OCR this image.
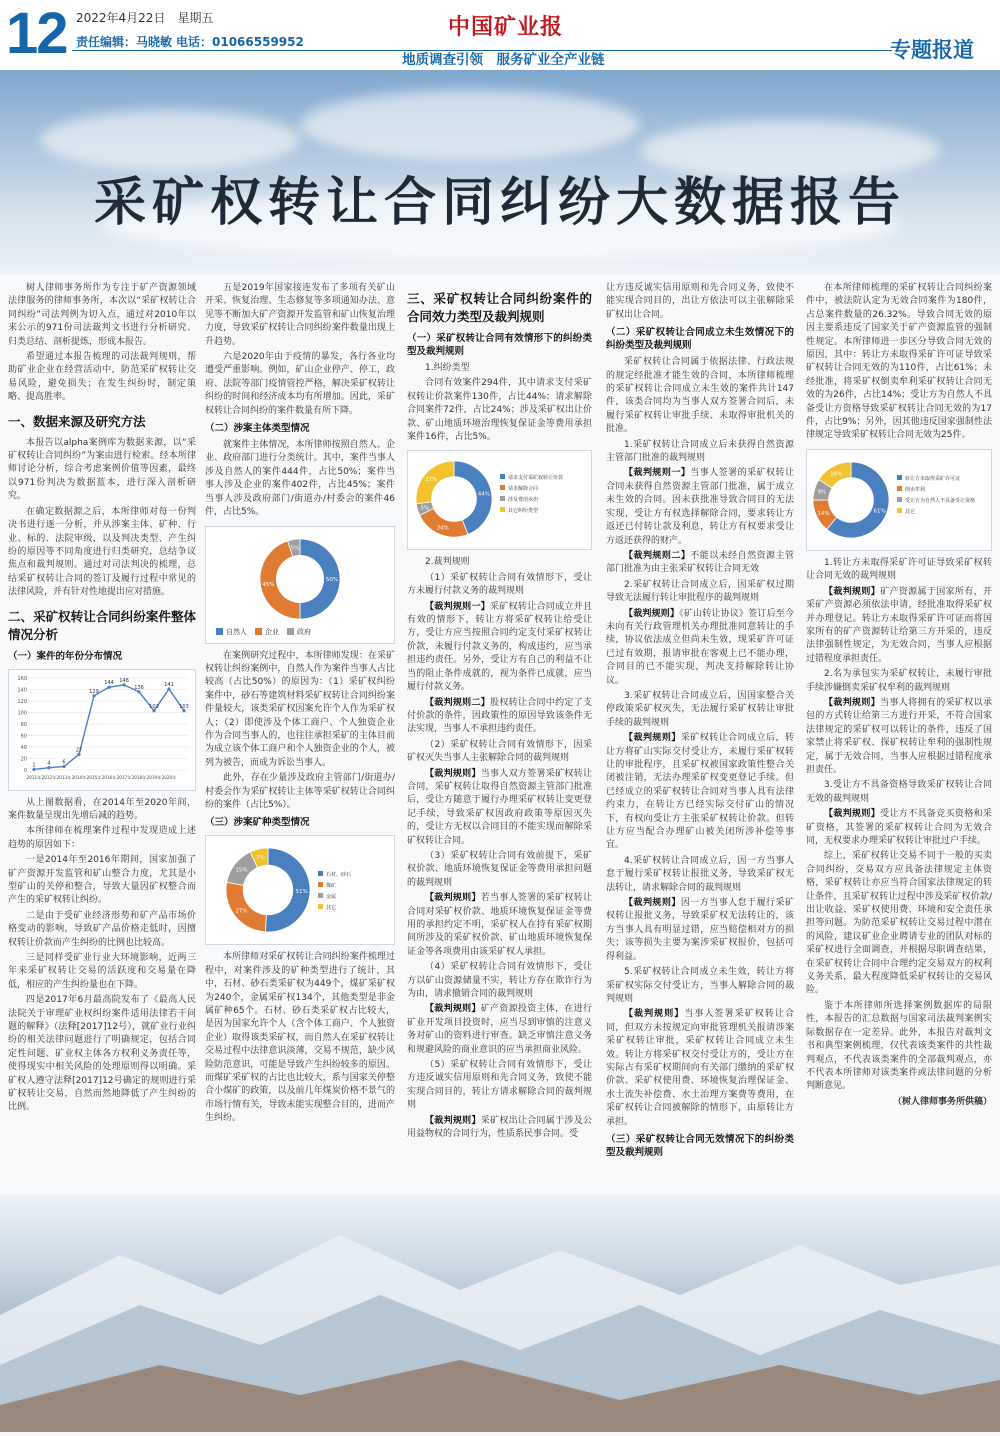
12 2022年4月22日　星期五
责任编辑：马晓敏 电话：01066559952
中国矿业报
地质调查引领　服务矿业全产业链	专题报道
采矿权转让合同纠纷大数据报告

树人律师事务所作为专注于矿产资源领域法律服务的律师事务所，本次以“采矿权转让合同纠纷”司法判例为切入点，通过对2010年以来公示的971份司法裁判文书进行分析研究、归类总结、剖析提炼，形成本报告。

希望通过本报告梳理的司法裁判规则，帮助矿业企业在经营活动中，防范采矿权转让交易风险，避免损失；在发生纠纷时，制定策略、提高胜率。

一、数据来源及研究方法

本报告以alpha案例库为数据来源，以“采矿权转让合同纠纷”为案由进行检索。经本所律师讨论分析，综合考虑案例价值等因素，最终以971份判决为数据蓝本，进行深入剖析研究。

在确定数据源之后，本所律师对每一份判决书进行逐一分析，并从涉案主体、矿种、行业、标的、法院审级，以及判决类型、产生纠纷的原因等不同角度进行归类研究，总结争议焦点和裁判规则。通过对司法判决的梳理，总结采矿权转让合同的签订及履行过程中常见的法律风险，并有针对性地提出应对措施。

二、采矿权转让合同纠纷案件整体情况分析
（一）案件的年份分布情况
0
20
40
60
80
100
120
140
160
1 4 6
27
129
144 148
136
103
141
103
2011年 2012年 2013年 2014年 2015年 2016年 2017年 2018年 2019年 2020年

从上图数据看，在2014年至2020年间，案件数量呈现出先增后减的趋势。

本所律师在梳理案件过程中发现造成上述趋势的原因如下：

一是2014年至2016年期间，国家加强了矿产资源开发监管和矿山整合力度，尤其是小型矿山的关停和整合，导致大量因矿权整合而产生的采矿权转让纠纷。

二是由于受矿业经济形势和矿产品市场价格变动的影响，导致矿产品价格走低时，因擅权转让价款而产生纠纷的比例也比较高。

三是同样受矿业行业大环境影响，近两三年来采矿权转让交易的活跃度和交易量在降低，相应的产生纠纷量也在下降。

四是2017年6月最高院发布了《最高人民法院关于审理矿业权纠纷案件适用法律若干问题的解释》（法释[2017]12号），就矿业行业纠纷的相关法律问题进行了明确规定，包括合同定性问题、矿业权主体各方权利义务责任等，使得现实中相关风险的处理原则得以明确。采矿权人遵守法释[2017]12号确定的规则进行采矿权转让交易，自然而然地降低了产生纠纷的比例。

五是2019年国家接连发布了多项有关矿山开采、恢复治理、生态修复等多项通知办法、意见等不断加大矿产资源开发监管和矿山恢复治理力度，导致采矿权转让合同纠纷案件数量出现上升趋势。

六是2020年由于疫情的暴发，各行各业均遭受严重影响。例如，矿山企业停产、停工，政府、法院等部门疫情管控严格，解决采矿权转让纠纷的时间和经济成本均有所增加。因此，采矿权转让合同纠纷的案件数量有所下降。

（二）涉案主体类型情况

就案件主体情况，本所律师按照自然人、企业、政府部门进行分类统计。其中，案件当事人涉及自然人的案件444件，占比50%；案件当事人涉及企业的案件402件，占比45%；案件当事人涉及政府部门/街道办/村委会的案件46件，占比5%。

50%
45%
5%
自然人	企业	政府

在案例研究过程中，本所律师发现：在采矿权转让纠纷案例中，自然人作为案件当事人占比较高（占比50%）的原因为：（1）采矿权纠纷案件中，砂石等建筑材料采矿权转让合同纠纷案件量较大，该类采矿权因案允许个人作为采矿权人；（2）即使涉及个体工商户、个人独资企业作为合同当事人的，也往往承担采矿的主体目前为成立该个体工商户和个人独资企业的个人，被列为被告，而成为诉讼当事人。

此外，存在少量涉及政府主管部门/街道办/村委会作为采矿权转让主体等采矿权转让合同纠纷的案件（占比5%）。

（三）涉案矿种类型情况
51%
27%
15%
7%
石材、砂石
煤矿
金属
其它

本所律师对采矿权转让合同纠纷案件梳理过程中，对案件涉及的矿种类型进行了统计，其中，石材、砂石类采矿权为449个，煤矿采矿权为240个，金属采矿权134个，其他类型是非金属矿种65个。石材、砂石类采矿权占比较大，是因为国家允许个人（含个体工商户、个人独资企业）取得该类采矿权，而自然人在采矿权转让交易过程中法律意识淡薄，交易不规范，缺少风险防范意识，可能是导致产生纠纷较多的原因。而煤矿采矿权的占比也比较大，系与国家关停整合小煤矿的政策，以及前几年煤炭价格不景气的市场行情有关，导致未能实现整合目的，进而产生纠纷。

三、采矿权转让合同纠纷案件的合同效力类型及裁判规则
（一）采矿权转让合同有效情形下的纠纷类型及裁判规则

1.纠纷类型

合同有效案件294件，其中请求支付采矿权转让价款案件130件，占比44%；请求解除合同案件72件，占比24%；涉及采矿权出让价款、矿山地质环境治理恢复保证金等费用承担案件16件，占比5%。

44%
24%
5%
27%	请求支付采矿权转让价款
请求解除合同
涉及费用承担
其它纠纷类型

2.裁判规则

（1）采矿权转让合同有效情形下，受让方未履行付款义务的裁判规则

【裁判规则一】采矿权转让合同成立并且有效的情形下，转让方将采矿权转让给受让方，受让方应当按照合同约定支付采矿权转让价款，未履行付款义务的，构成违约，应当承担违约责任。另外，受让方有自己的利益不让当的阻止条件成就的，视为条件已成就，应当履行付款义务。

【裁判规则二】股权转让合同中约定了支付价款的条件，因政策性的原因导致该条件无法实现，当事人不承担违约责任。

（2）采矿权转让合同有效情形下，因采矿权灭失当事人主张解除合同的裁判规则

【裁判规则】当事人双方签署采矿权转让合同，采矿权转让取得自然资源主管部门批准后，受让方随意于履行办理采矿权转让变更登记手续，导致采矿权因政府政策等原因灭失的，受让方无权以合同目的不能实现而解除采矿权转让合同。

（3）采矿权转让合同有效前提下，采矿权价款、地质环境恢复保证金等费用承担问题的裁判规则

【裁判规则】若当事人签署的采矿权转让合同对采矿权价款、地质环境恢复保证金等费用的承担约定不明，采矿权人在持有采矿权期间所涉及的采矿权价款、矿山地质环境恢复保证金等各项费用由该采矿权人承担。

（4）采矿权转让合同有效情形下，受让方以矿山资源储量不实，转让方存在欺诈行为为由，请求撤销合同的裁判规则

【裁判规则】矿产资源投资主体，在进行矿业开发项目投资时，应当尽到审慎的注意义务对矿山的资料进行审查。缺乏审慎注意义务和规避风险的商业意识的应当承担商业风险。

（5）采矿权转让合同有效情形下，受让方违反诚实信用原则和先合同义务，致使不能实现合同目的，转让方请求解除合同的裁判规则

【裁判规则】采矿权出让合同属于涉及公用益物权的合同行为，性质系民事合同。受

让方违反诚实信用原则和先合同义务，致使不能实现合同目的，出让方依法可以主张解除采矿权出让合同。

（二）采矿权转让合同成立未生效情况下的纠纷类型及裁判规则

采矿权转让合同属于依据法律、行政法规的规定经批准才能生效的合同，本所律师梳理的采矿权转让合同成立未生效的案件共计147件，该类合同均为当事人双方签署合同后，未履行采矿权转让审批手续、未取得审批机关的批准。

1.采矿权转让合同成立后未获得自然资源主管部门批准的裁判规则

【裁判规则一】当事人签署的采矿权转让合同未获得自然资源主管部门批准，属于成立未生效的合同。因未获批准导致合同目的无法实现，受让方有权选择解除合同，要求转让方返还已付转让款及利息，转让方有权要求受让方返还获得的财产。

【裁判规则二】不能以未经自然资源主管部门批准为由主张采矿权转让合同无效

2.采矿权转让合同成立后，因采矿权过期导致无法履行转让审批程序的裁判规则

【裁判规则】《矿山转让协议》签订后至今未向有关行政管理机关办理批准同意转让的手续，协议依法成立但尚未生效，现采矿许可证已过有效期，报请审批在客观上已不能办理，合同目的已不能实现，判决支持解除转让协议。

3.采矿权转让合同成立后，因国家整合关停政策采矿权灭失，无法履行采矿权转让审批手续的裁判规则

【裁判规则】采矿权转让合同成立后，转让方将矿山实际交付受让方，未履行采矿权转让的审批程序，且采矿权被国家政策性整合关闭被注销，无法办理采矿权变更登记手续。但已经成立的采矿权转让合同对当事人具有法律约束力，在转让方已经实际交付矿山的情况下，有权向受让方主张采矿权转让价款。但转让方应当配合办理矿山被关闭所涉补偿等事宜。

4.采矿权转让合同成立后，因一方当事人怠于履行采矿权转让报批义务，导致采矿权无法转让，请求解除合同的裁判规则

【裁判规则】因一方当事人怠于履行采矿权转让报批义务，导致采矿权无法转让的，该方当事人具有明显过错，应当赔偿相对方的损失；该等损失主要为案涉采矿权报价，包括可得利益。

5.采矿权转让合同成立未生效，转让方将采矿权实际交付受让方，当事人解除合同的裁判规则

【裁判规则】当事人签署采矿权转让合同，但双方未按规定向审批管理机关报请涉案采矿权转让审批，采矿权转让合同成立未生效。转让方将采矿权交付受让方的，受让方在实际占有采矿权期间向有关部门缴纳的采矿权价款、采矿权使用费、环境恢复治理保证金、水土流失补偿费、水土治理方案费等费用，在采矿权转让合同被解除的情形下，由原转让方承担。

（三）采矿权转让合同无效情况下的纠纷类型及裁判规则

在本所律师梳理的采矿权转让合同纠纷案件中，被法院认定为无效合同案件为180件，占总案件数量的26.32%。导致合同无效的原因主要系违反了国家关于矿产资源监管的强制性规定。本所律师进一步区分导致合同无效的原因，其中：转让方未取得采矿许可证导致采矿权转让合同无效的为110件，占比61%；未经批准，将采矿权倒卖牟利采矿权转让合同无效的为26件，占比14%；受让方为自然人不具备受让方资格导致采矿权转让合同无效的为17件，占比9%；另外，因其他违反国家强制性法律规定导致采矿权转让合同无效为25件。

61%
14%
9%
16%
转让方未取得采矿许可证
倒卖牟利
受让方为自然人不具备受让资格
其它

1.转让方未取得采矿许可证导致采矿权转让合同无效的裁判规则

【裁判规则】矿产资源属于国家所有，开采矿产资源必须依法申请，经批准取得采矿权并办理登记。转让方未取得采矿许可证而将国家所有的矿产资源转让给第三方开采的，违反法律强制性规定，为无效合同，当事人应根据过错程度承担责任。

2.名为承包实为采矿权转让，未履行审批手续涉嫌倒卖采矿权牟利的裁判规则

【裁判规则】当事人将拥有的采矿权以承包的方式转让给第三方进行开采，不符合国家法律规定的采矿权可以转让的条件，违反了国家禁止将采矿权、探矿权转让牟利的强制性规定，属于无效合同，当事人应根据过错程度承担责任。

3.受让方不具备资格导致采矿权转让合同无效的裁判规则

【裁判规则】受让方不具备竞买资格和采矿资格，其签署的采矿权转让合同为无效合同，无权要求办理采矿权转让审批过户手续。

综上，采矿权转让交易不同于一般的买卖合同纠纷，交易双方应具备法律规定主体资格，采矿权转让亦应当符合国家法律规定的转让条件，且采矿权转让过程中涉及采矿权价款/出让收益、采矿权使用费、环境和安全责任承担等问题。为防范采矿权转让交易过程中潜在的风险，建议矿业企业聘请专业的团队对标的采矿权进行全面调查，并根据尽职调查结果，在采矿权转让合同中合理约定交易双方的权利义务关系，最大程度降低采矿权转让的交易风险。

鉴于本所律师所选择案例数据库的局限性，本报告的汇总数据与国家司法裁判案例实际数据存在一定差异。此外，本报告对裁判文书和典型案例梳理，仅代表该类案件的共性裁判观点，不代表该类案件的全部裁判观点，亦不代表本所律师对该类案件或法律问题的分析判断意见。

（树人律师事务所供稿）
